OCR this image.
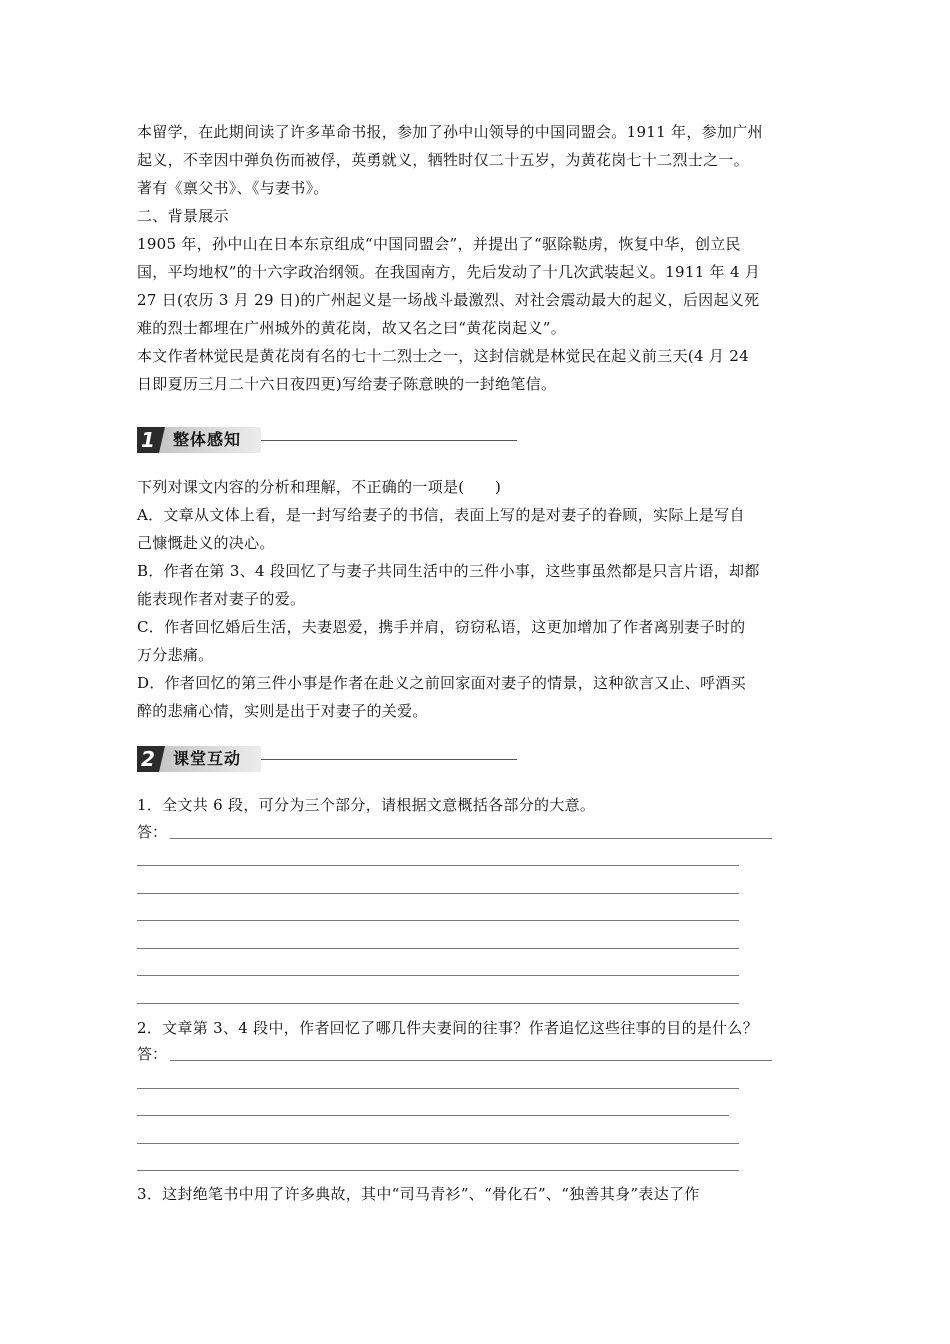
本留学，在此期间读了许多革命书报，参加了孙中山领导的中国同盟会。1911 年，参加广州

起义，不幸因中弹负伤而被俘，英勇就义，牺牲时仅二十五岁，为黄花岗七十二烈士之一。

著有《禀父书》、《与妻书》。

二、背景展示

1905 年，孙中山在日本东京组成“中国同盟会”，并提出了“驱除鞑虏，恢复中华，创立民

国，平均地权”的十六字政治纲领。在我国南方，先后发动了十几次武装起义。1911 年 4 月

27 日(农历 3 月 29 日)的广州起义是一场战斗最激烈、对社会震动最大的起义，后因起义死

难的烈士都埋在广州城外的黄花岗，故又名之曰“黄花岗起义”。

本文作者林觉民是黄花岗有名的七十二烈士之一，这封信就是林觉民在起义前三天(4 月 24

日即夏历三月二十六日夜四更)写给妻子陈意映的一封绝笔信。

1 整体感知

下列对课文内容的分析和理解，不正确的一项是(　　)

A．文章从文体上看，是一封写给妻子的书信，表面上写的是对妻子的眷顾，实际上是写自

己慷慨赴义的决心。

B．作者在第 3、4 段回忆了与妻子共同生活中的三件小事，这些事虽然都是只言片语，却都

能表现作者对妻子的爱。

C．作者回忆婚后生活，夫妻恩爱，携手并肩，窃窃私语，这更加增加了作者离别妻子时的

万分悲痛。

D．作者回忆的第三件小事是作者在赴义之前回家面对妻子的情景，这种欲言又止、呼酒买

醉的悲痛心情，实则是出于对妻子的关爱。

2 课堂互动

1．全文共 6 段，可分为三个部分，请根据文意概括各部分的大意。

答：

2．文章第 3、4 段中，作者回忆了哪几件夫妻间的往事？作者追忆这些往事的目的是什么？

答：

3．这封绝笔书中用了许多典故，其中“司马青衫”、“骨化石”、“独善其身”表达了作
